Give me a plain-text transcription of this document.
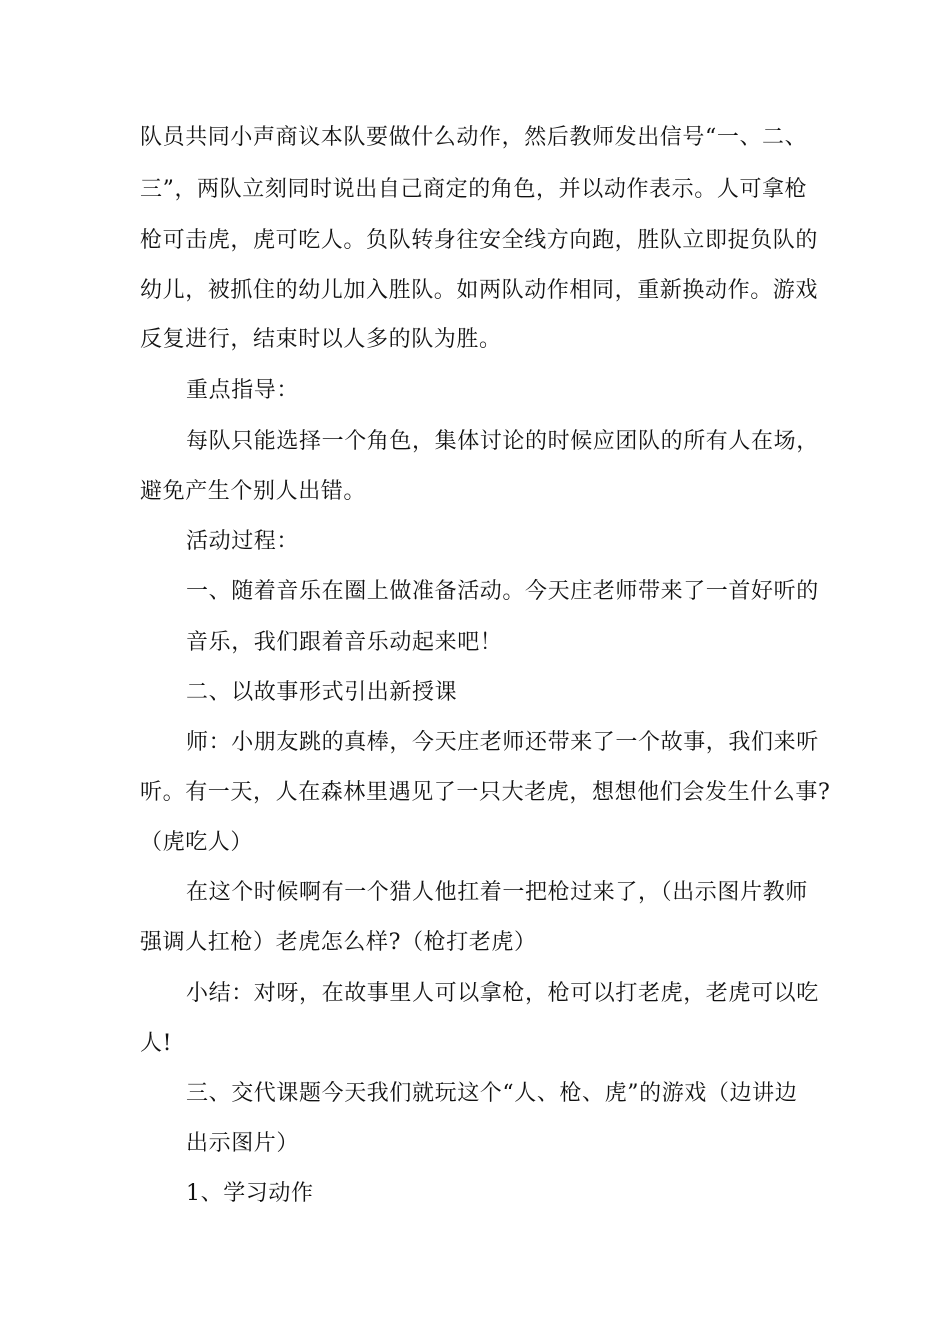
队员共同小声商议本队要做什么动作，然后教师发出信号“一、二、
三”，两队立刻同时说出自己商定的角色，并以动作表示。人可拿枪
枪可击虎，虎可吃人。负队转身往安全线方向跑，胜队立即捉负队的
幼儿，被抓住的幼儿加入胜队。如两队动作相同，重新换动作。游戏
反复进行，结束时以人多的队为胜。
重点指导：
每队只能选择一个角色，集体讨论的时候应团队的所有人在场，
避免产生个别人出错。
活动过程：
一、随着音乐在圈上做准备活动。今天庄老师带来了一首好听的
音乐，我们跟着音乐动起来吧！
二、以故事形式引出新授课
师：小朋友跳的真棒，今天庄老师还带来了一个故事，我们来听
听。有一天，人在森林里遇见了一只大老虎，想想他们会发生什么事?
（虎吃人）
在这个时候啊有一个猎人他扛着一把枪过来了，（出示图片教师
强调人扛枪）老虎怎么样?（枪打老虎）
小结：对呀，在故事里人可以拿枪，枪可以打老虎，老虎可以吃
人!
三、交代课题今天我们就玩这个“人、枪、虎”的游戏（边讲边
出示图片）
1、学习动作
